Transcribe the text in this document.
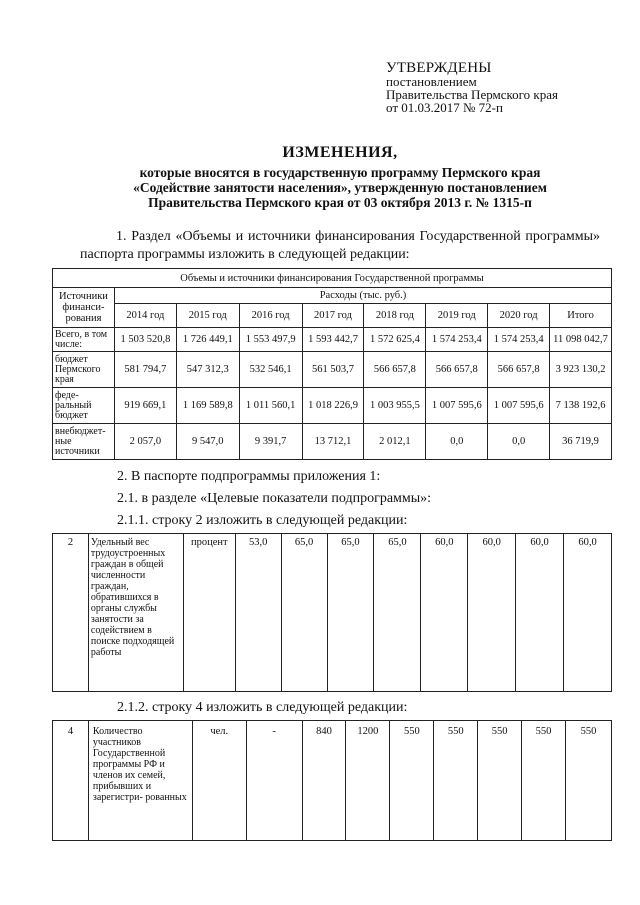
УТВЕРЖДЕНЫ
постановлением
Правительства Пермского края
от 01.03.2017 № 72-п
ИЗМЕНЕНИЯ,
которые вносятся в государственную программу Пермского края
«Содействие занятости населения», утвержденную постановлением
Правительства Пермского края от 03 октября 2013 г. № 1315-п
1. Раздел «Объемы и источники финансирования Государственной программы» паспорта программы изложить в следующей редакции:
Объемы и источники финансирования Государственной программы								
Источники финанси- рования	Расходы (тыс. руб.)							
	2014 год	2015 год	2016 год	2017 год	2018 год	2019 год	2020 год	Итого
Всего, в том числе:	1 503 520,8	1 726 449,1	1 553 497,9	1 593 442,7	1 572 625,4	1 574 253,4	1 574 253,4	11 098 042,7
бюджет Пермского края	581 794,7	547 312,3	532 546,1	561 503,7	566 657,8	566 657,8	566 657,8	3 923 130,2
феде- ральный бюджет	919 669,1	1 169 589,8	1 011 560,1	1 018 226,9	1 003 955,5	1 007 595,6	1 007 595,6	7 138 192,6
внебюджет- ные источники	2 057,0	9 547,0	9 391,7	13 712,1	2 012,1	0,0	0,0	36 719,9
2. В паспорте подпрограммы приложения 1:
2.1. в разделе «Целевые показатели подпрограммы»:
2.1.1. строку 2 изложить в следующей редакции:
2	Удельный вес трудоустроенных граждан в общей численности граждан, обратившихся в органы службы занятости за содействием в поиске подходящей работы	процент	53,0	65,0	65,0	65,0	60,0	60,0	60,0	60,0
2.1.2. строку 4 изложить в следующей редакции:
4	Количество участников Государственной программы РФ и членов их семей, прибывших и зарегистри- рованных	чел.	-	840	1200	550	550	550	550	550
